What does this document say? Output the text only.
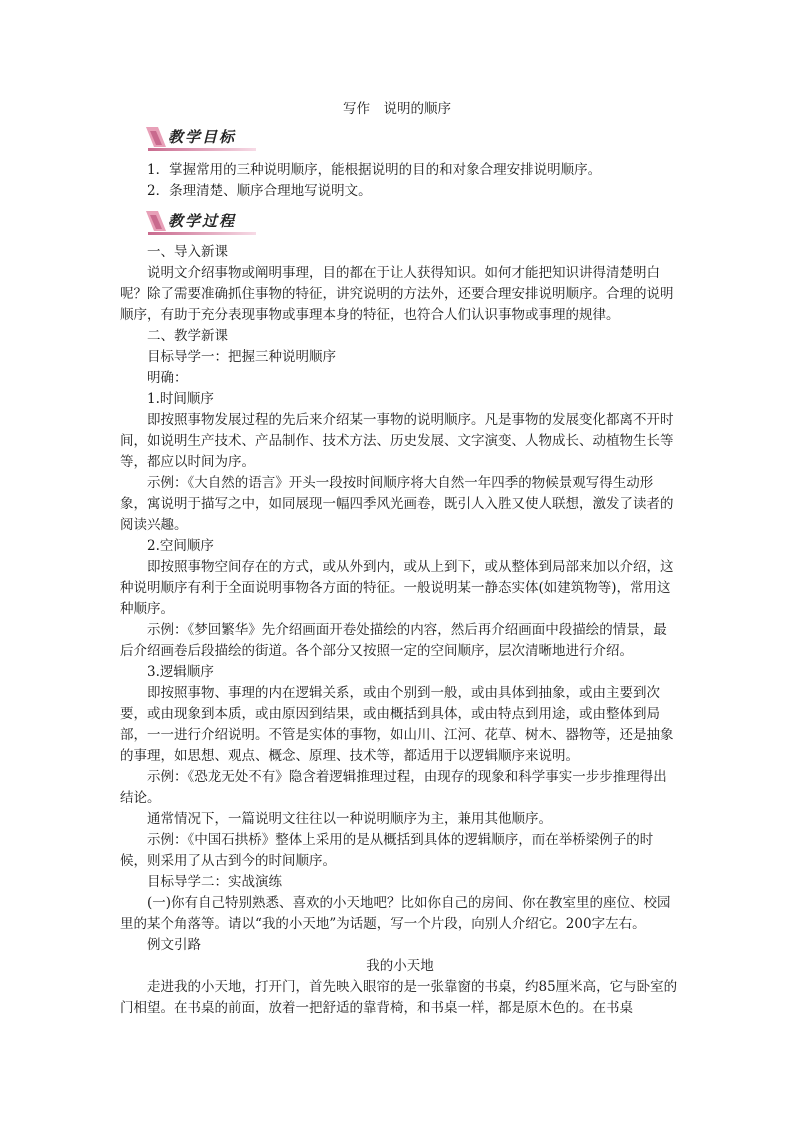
写作　说明的顺序
教学目标

1．掌握常用的三种说明顺序，能根据说明的目的和对象合理安排说明顺序。

2．条理清楚、顺序合理地写说明文。

教学过程

一、导入新课

说明文介绍事物或阐明事理，目的都在于让人获得知识。如何才能把知识讲得清楚明白呢？除了需要准确抓住事物的特征，讲究说明的方法外，还要合理安排说明顺序。合理的说明顺序，有助于充分表现事物或事理本身的特征，也符合人们认识事物或事理的规律。

二、教学新课

目标导学一：把握三种说明顺序

明确：

1.时间顺序

即按照事物发展过程的先后来介绍某一事物的说明顺序。凡是事物的发展变化都离不开时间，如说明生产技术、产品制作、技术方法、历史发展、文字演变、人物成长、动植物生长等等，都应以时间为序。

示例：《大自然的语言》开头一段按时间顺序将大自然一年四季的物候景观写得生动形象，寓说明于描写之中，如同展现一幅四季风光画卷，既引人入胜又使人联想，激发了读者的阅读兴趣。

2.空间顺序

即按照事物空间存在的方式，或从外到内，或从上到下，或从整体到局部来加以介绍，这种说明顺序有利于全面说明事物各方面的特征。一般说明某一静态实体(如建筑物等)，常用这种顺序。

示例：《梦回繁华》先介绍画面开卷处描绘的内容，然后再介绍画面中段描绘的情景，最后介绍画卷后段描绘的街道。各个部分又按照一定的空间顺序，层次清晰地进行介绍。

3.逻辑顺序

即按照事物、事理的内在逻辑关系，或由个别到一般，或由具体到抽象，或由主要到次要，或由现象到本质，或由原因到结果，或由概括到具体，或由特点到用途，或由整体到局部，一一进行介绍说明。不管是实体的事物，如山川、江河、花草、树木、器物等，还是抽象的事理，如思想、观点、概念、原理、技术等，都适用于以逻辑顺序来说明。

示例：《恐龙无处不有》隐含着逻辑推理过程，由现存的现象和科学事实一步步推理得出结论。

通常情况下，一篇说明文往往以一种说明顺序为主，兼用其他顺序。

示例：《中国石拱桥》整体上采用的是从概括到具体的逻辑顺序，而在举桥梁例子的时候，则采用了从古到今的时间顺序。

目标导学二：实战演练

(一)你有自己特别熟悉、喜欢的小天地吧？比如你自己的房间、你在教室里的座位、校园里的某个角落等。请以“我的小天地”为话题，写一个片段，向别人介绍它。200字左右。

例文引路

我的小天地

走进我的小天地，打开门，首先映入眼帘的是一张靠窗的书桌，约85厘米高，它与卧室的门相望。在书桌的前面，放着一把舒适的靠背椅，和书桌一样，都是原木色的。在书桌
